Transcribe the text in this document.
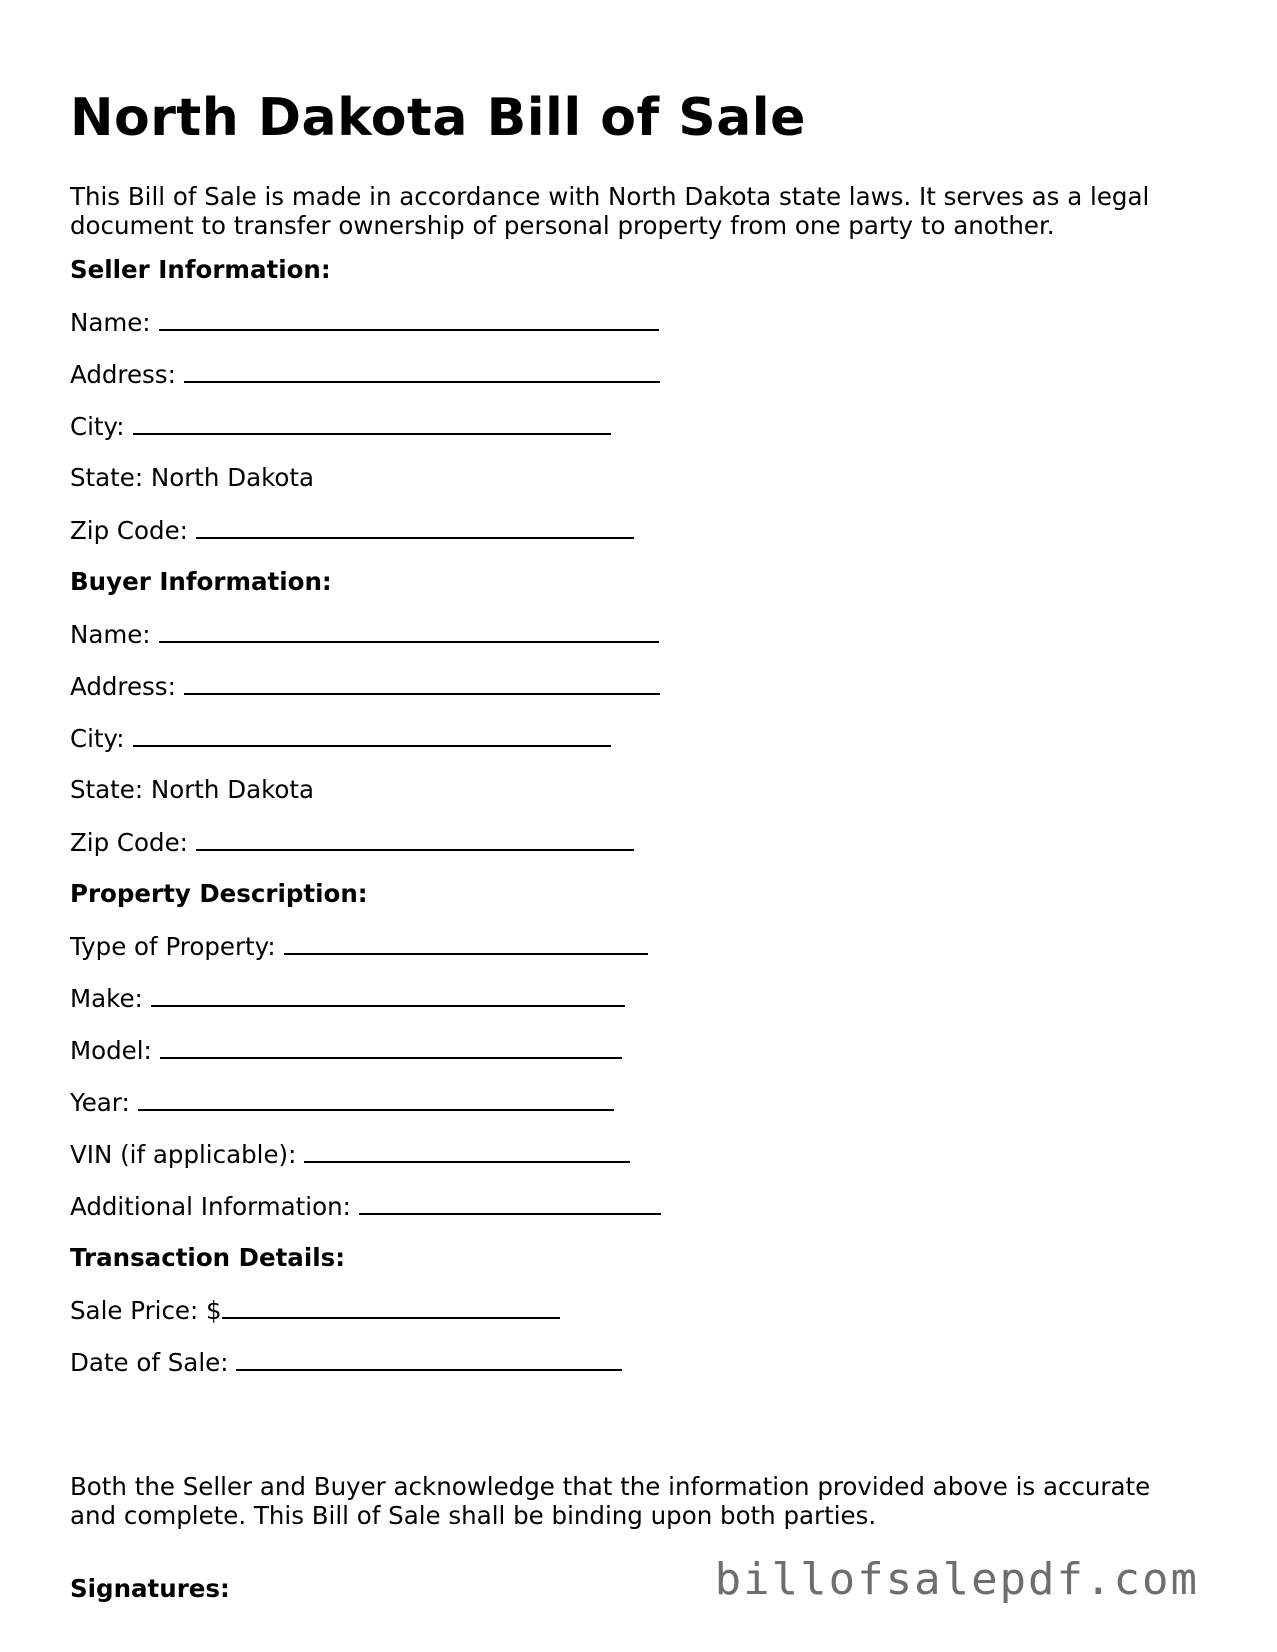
North Dakota Bill of Sale
This Bill of Sale is made in accordance with North Dakota state laws. It serves as a legal document to transfer ownership of personal property from one party to another.
Seller Information:
Name:
Address:
City:
State: North Dakota
Zip Code:
Buyer Information:
Name:
Address:
City:
State: North Dakota
Zip Code:
Property Description:
Type of Property:
Make:
Model:
Year:
VIN (if applicable):
Additional Information:
Transaction Details:
Sale Price: $
Date of Sale:
Both the Seller and Buyer acknowledge that the information provided above is accurate and complete. This Bill of Sale shall be binding upon both parties.
Signatures:	billofsalepdf.com
